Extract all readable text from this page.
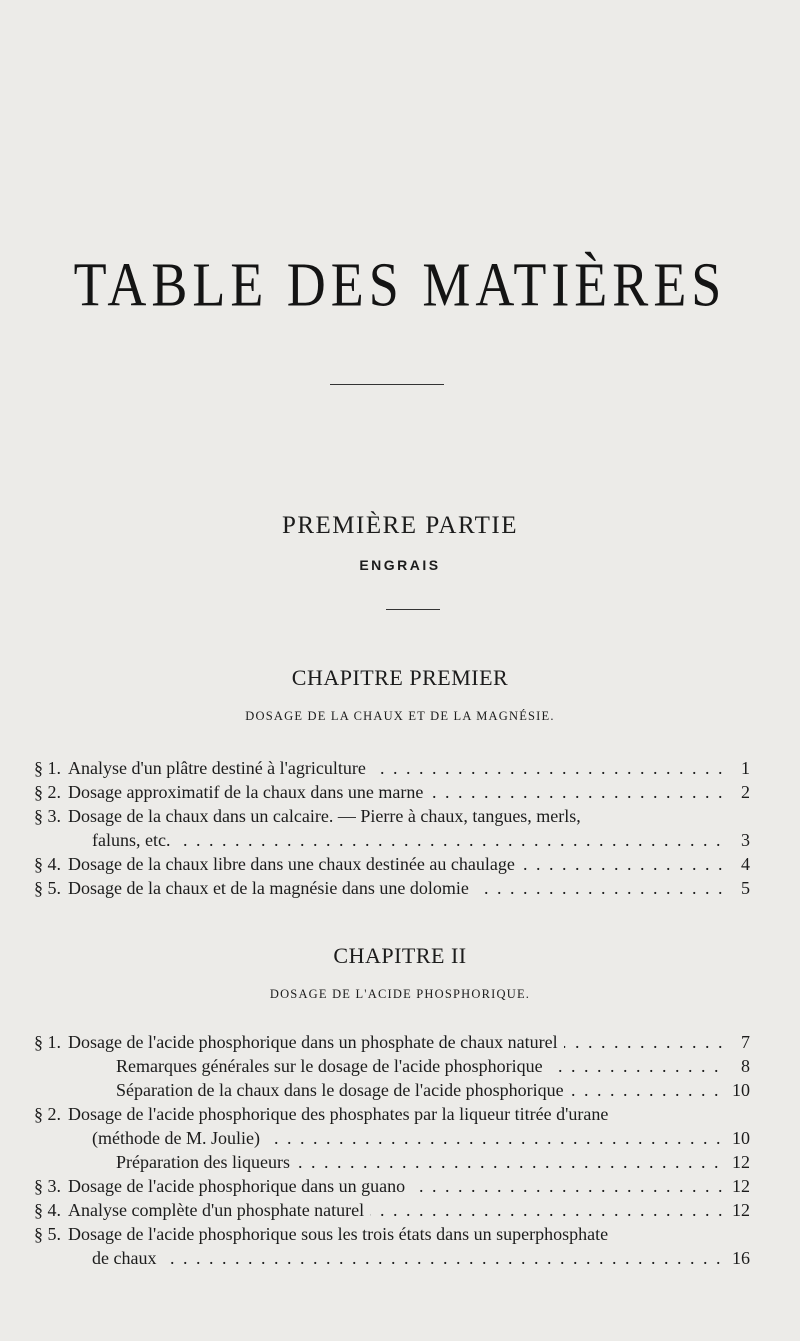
TABLE DES MATIÈRES
PREMIÈRE PARTIE
ENGRAIS
CHAPITRE PREMIER
DOSAGE DE LA CHAUX ET DE LA MAGNÉSIE.
§ 1. Analyse d'un plâtre destiné à l'agriculture . . .	1
§ 2. Dosage approximatif de la chaux dans une marne . . .	2
§ 3. Dosage de la chaux dans un calcaire. — Pierre à chaux, tangues, merls,
faluns, etc. . . .	3
§ 4. Dosage de la chaux libre dans une chaux destinée au chaulage . . .	4
§ 5. Dosage de la chaux et de la magnésie dans une dolomie . . .	5
CHAPITRE II
DOSAGE DE L'ACIDE PHOSPHORIQUE.
§ 1. Dosage de l'acide phosphorique dans un phosphate de chaux naturel . . .	7
Remarques générales sur le dosage de l'acide phosphorique . . .	8
Séparation de la chaux dans le dosage de l'acide phosphorique . . .	10
§ 2. Dosage de l'acide phosphorique des phosphates par la liqueur titrée d'urane
(méthode de M. Joulie) . . .	10
Préparation des liqueurs . . .	12
§ 3. Dosage de l'acide phosphorique dans un guano . . .	12
§ 4. Analyse complète d'un phosphate naturel . . .	12
§ 5. Dosage de l'acide phosphorique sous les trois états dans un superphosphate
de chaux . . .	16
